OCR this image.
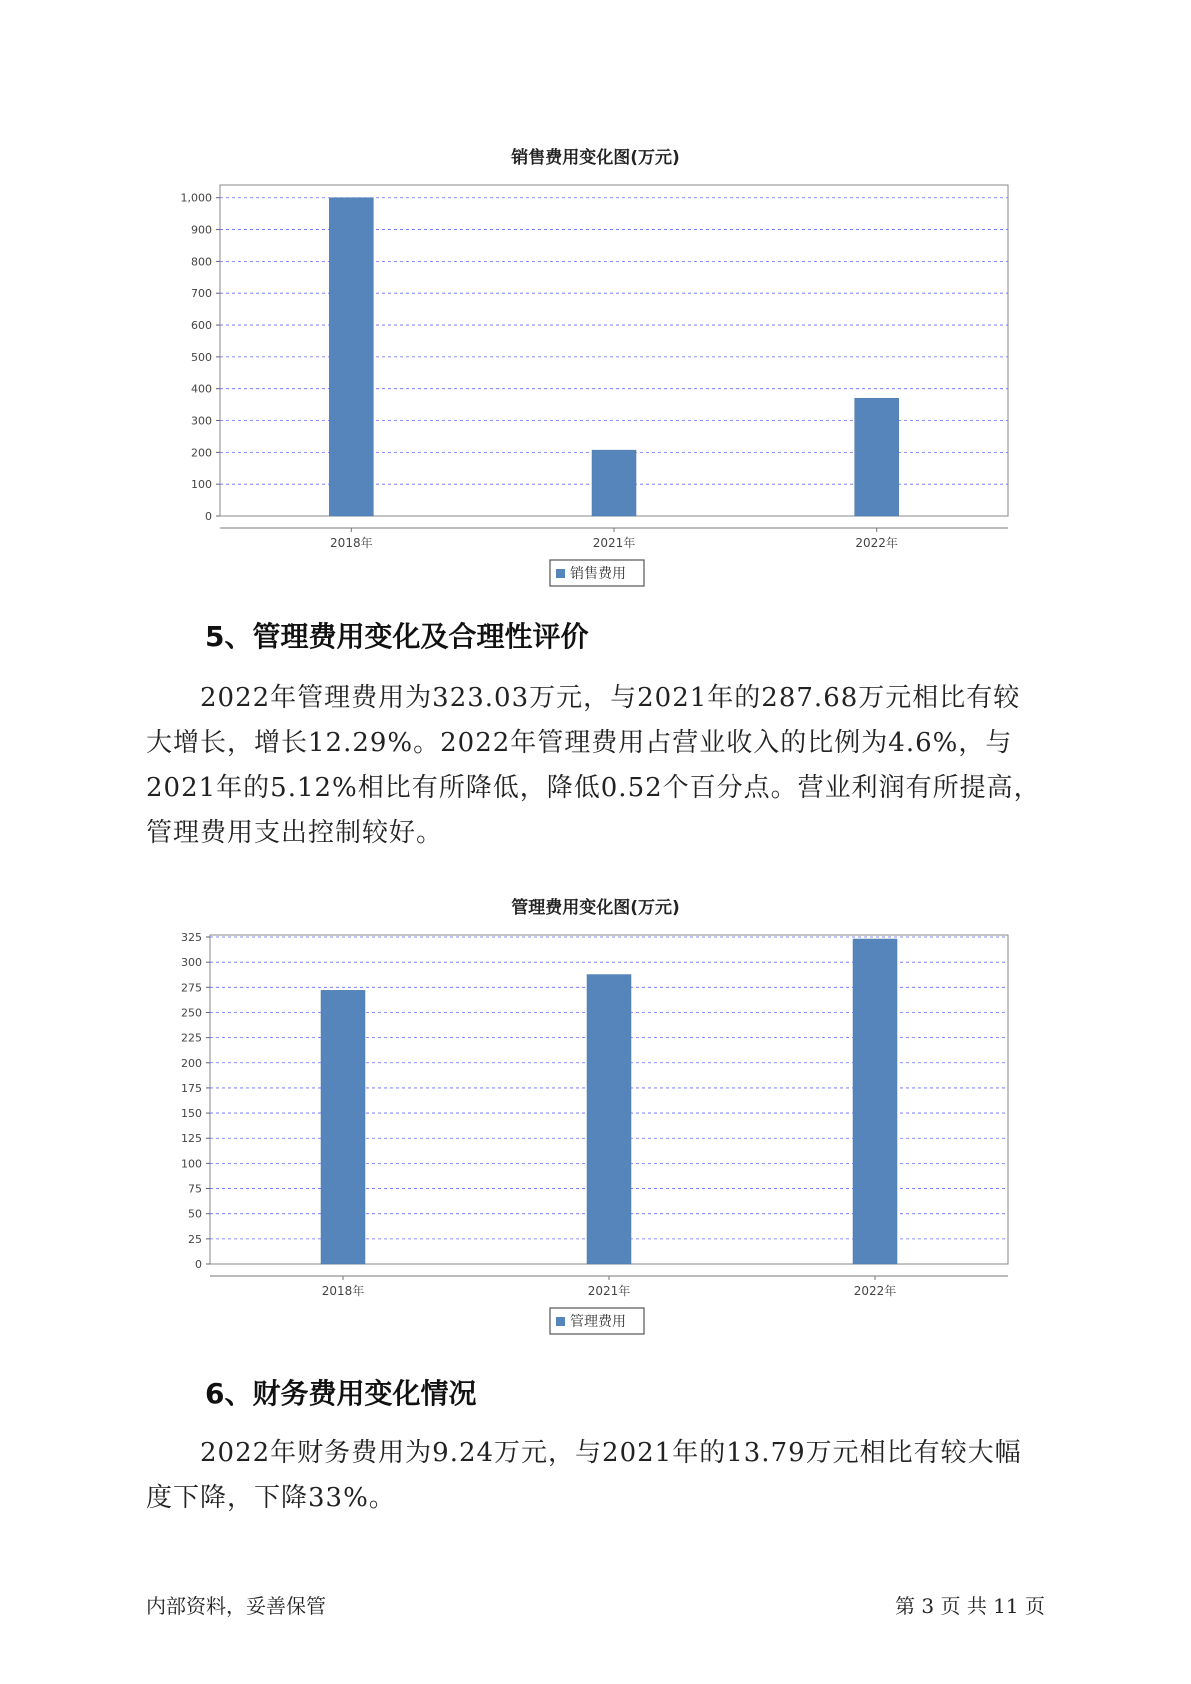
销售费用变化图(万元)
0
100
200
300
400
500
600
700
800
900
1,000
2018年	2021年	2022年
销售费用
5、管理费用变化及合理性评价
2022年管理费用为323.03万元，与2021年的287.68万元相比有较大增长，增长12.29%。2022年管理费用占营业收入的比例为4.6%，与2021年的5.12%相比有所降低，降低0.52个百分点。营业利润有所提高，管理费用支出控制较好。
管理费用变化图(万元)
0
25
50
75
100
125
150
175
200
225
250
275
300
325
2018年	2021年	2022年
管理费用
6、财务费用变化情况
2022年财务费用为9.24万元，与2021年的13.79万元相比有较大幅度下降，下降33%。
内部资料，妥善保管	第 3 页 共 11 页
